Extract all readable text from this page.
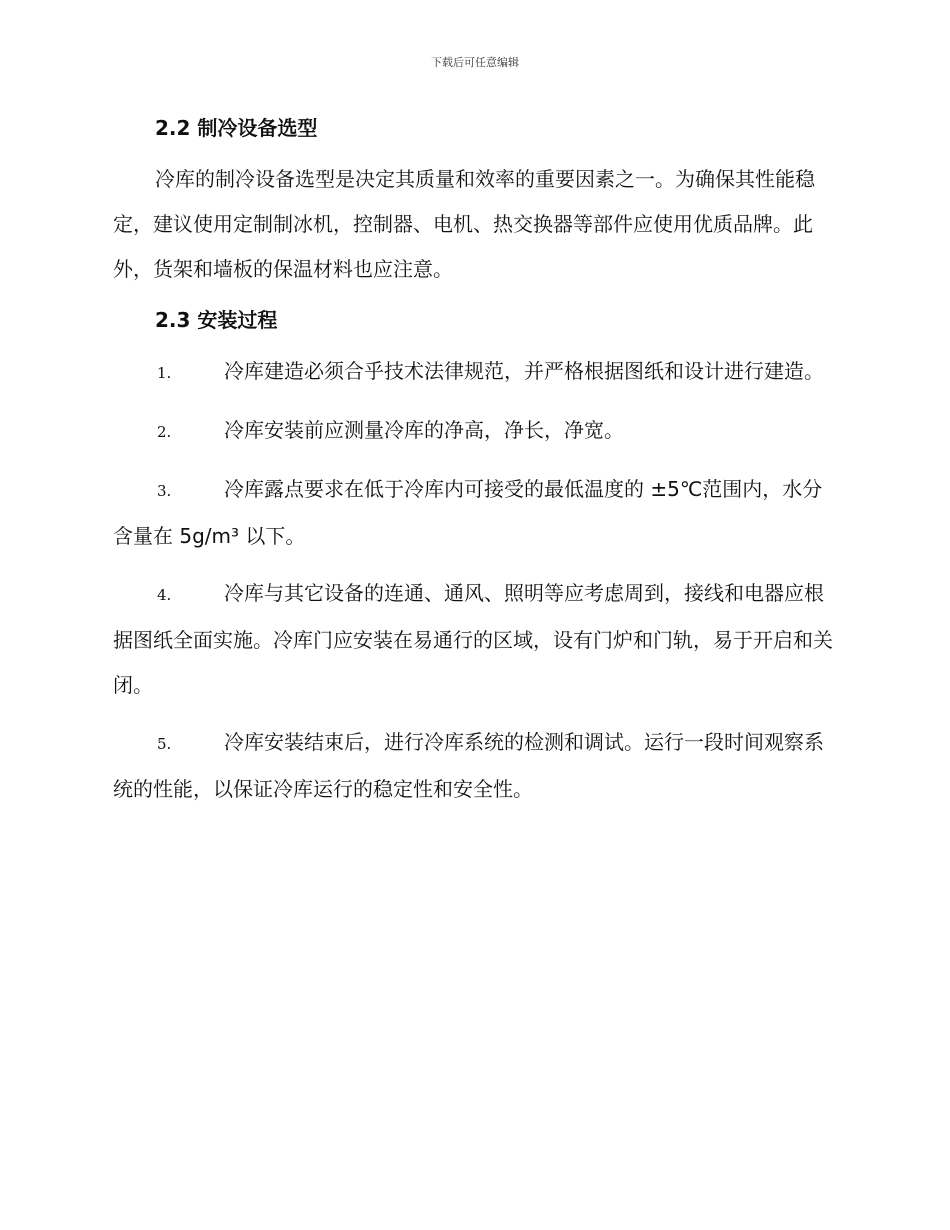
下载后可任意编辑
2.2 制冷设备选型

冷库的制冷设备选型是决定其质量和效率的重要因素之一。为确保其性能稳定，建议使用定制制冰机，控制器、电机、热交换器等部件应使用优质品牌。此外，货架和墙板的保温材料也应注意。

2.3 安装过程

1.	冷库建造必须合乎技术法律规范，并严格根据图纸和设计进行建造。

2.	冷库安装前应测量冷库的净高，净长，净宽。

3.	冷库露点要求在低于冷库内可接受的最低温度的 ±5℃范围内，水分含量在 5g/m³ 以下。

4.	冷库与其它设备的连通、通风、照明等应考虑周到，接线和电器应根据图纸全面实施。冷库门应安装在易通行的区域，设有门炉和门轨，易于开启和关闭。

5.	冷库安装结束后，进行冷库系统的检测和调试。运行一段时间观察系统的性能，以保证冷库运行的稳定性和安全性。
